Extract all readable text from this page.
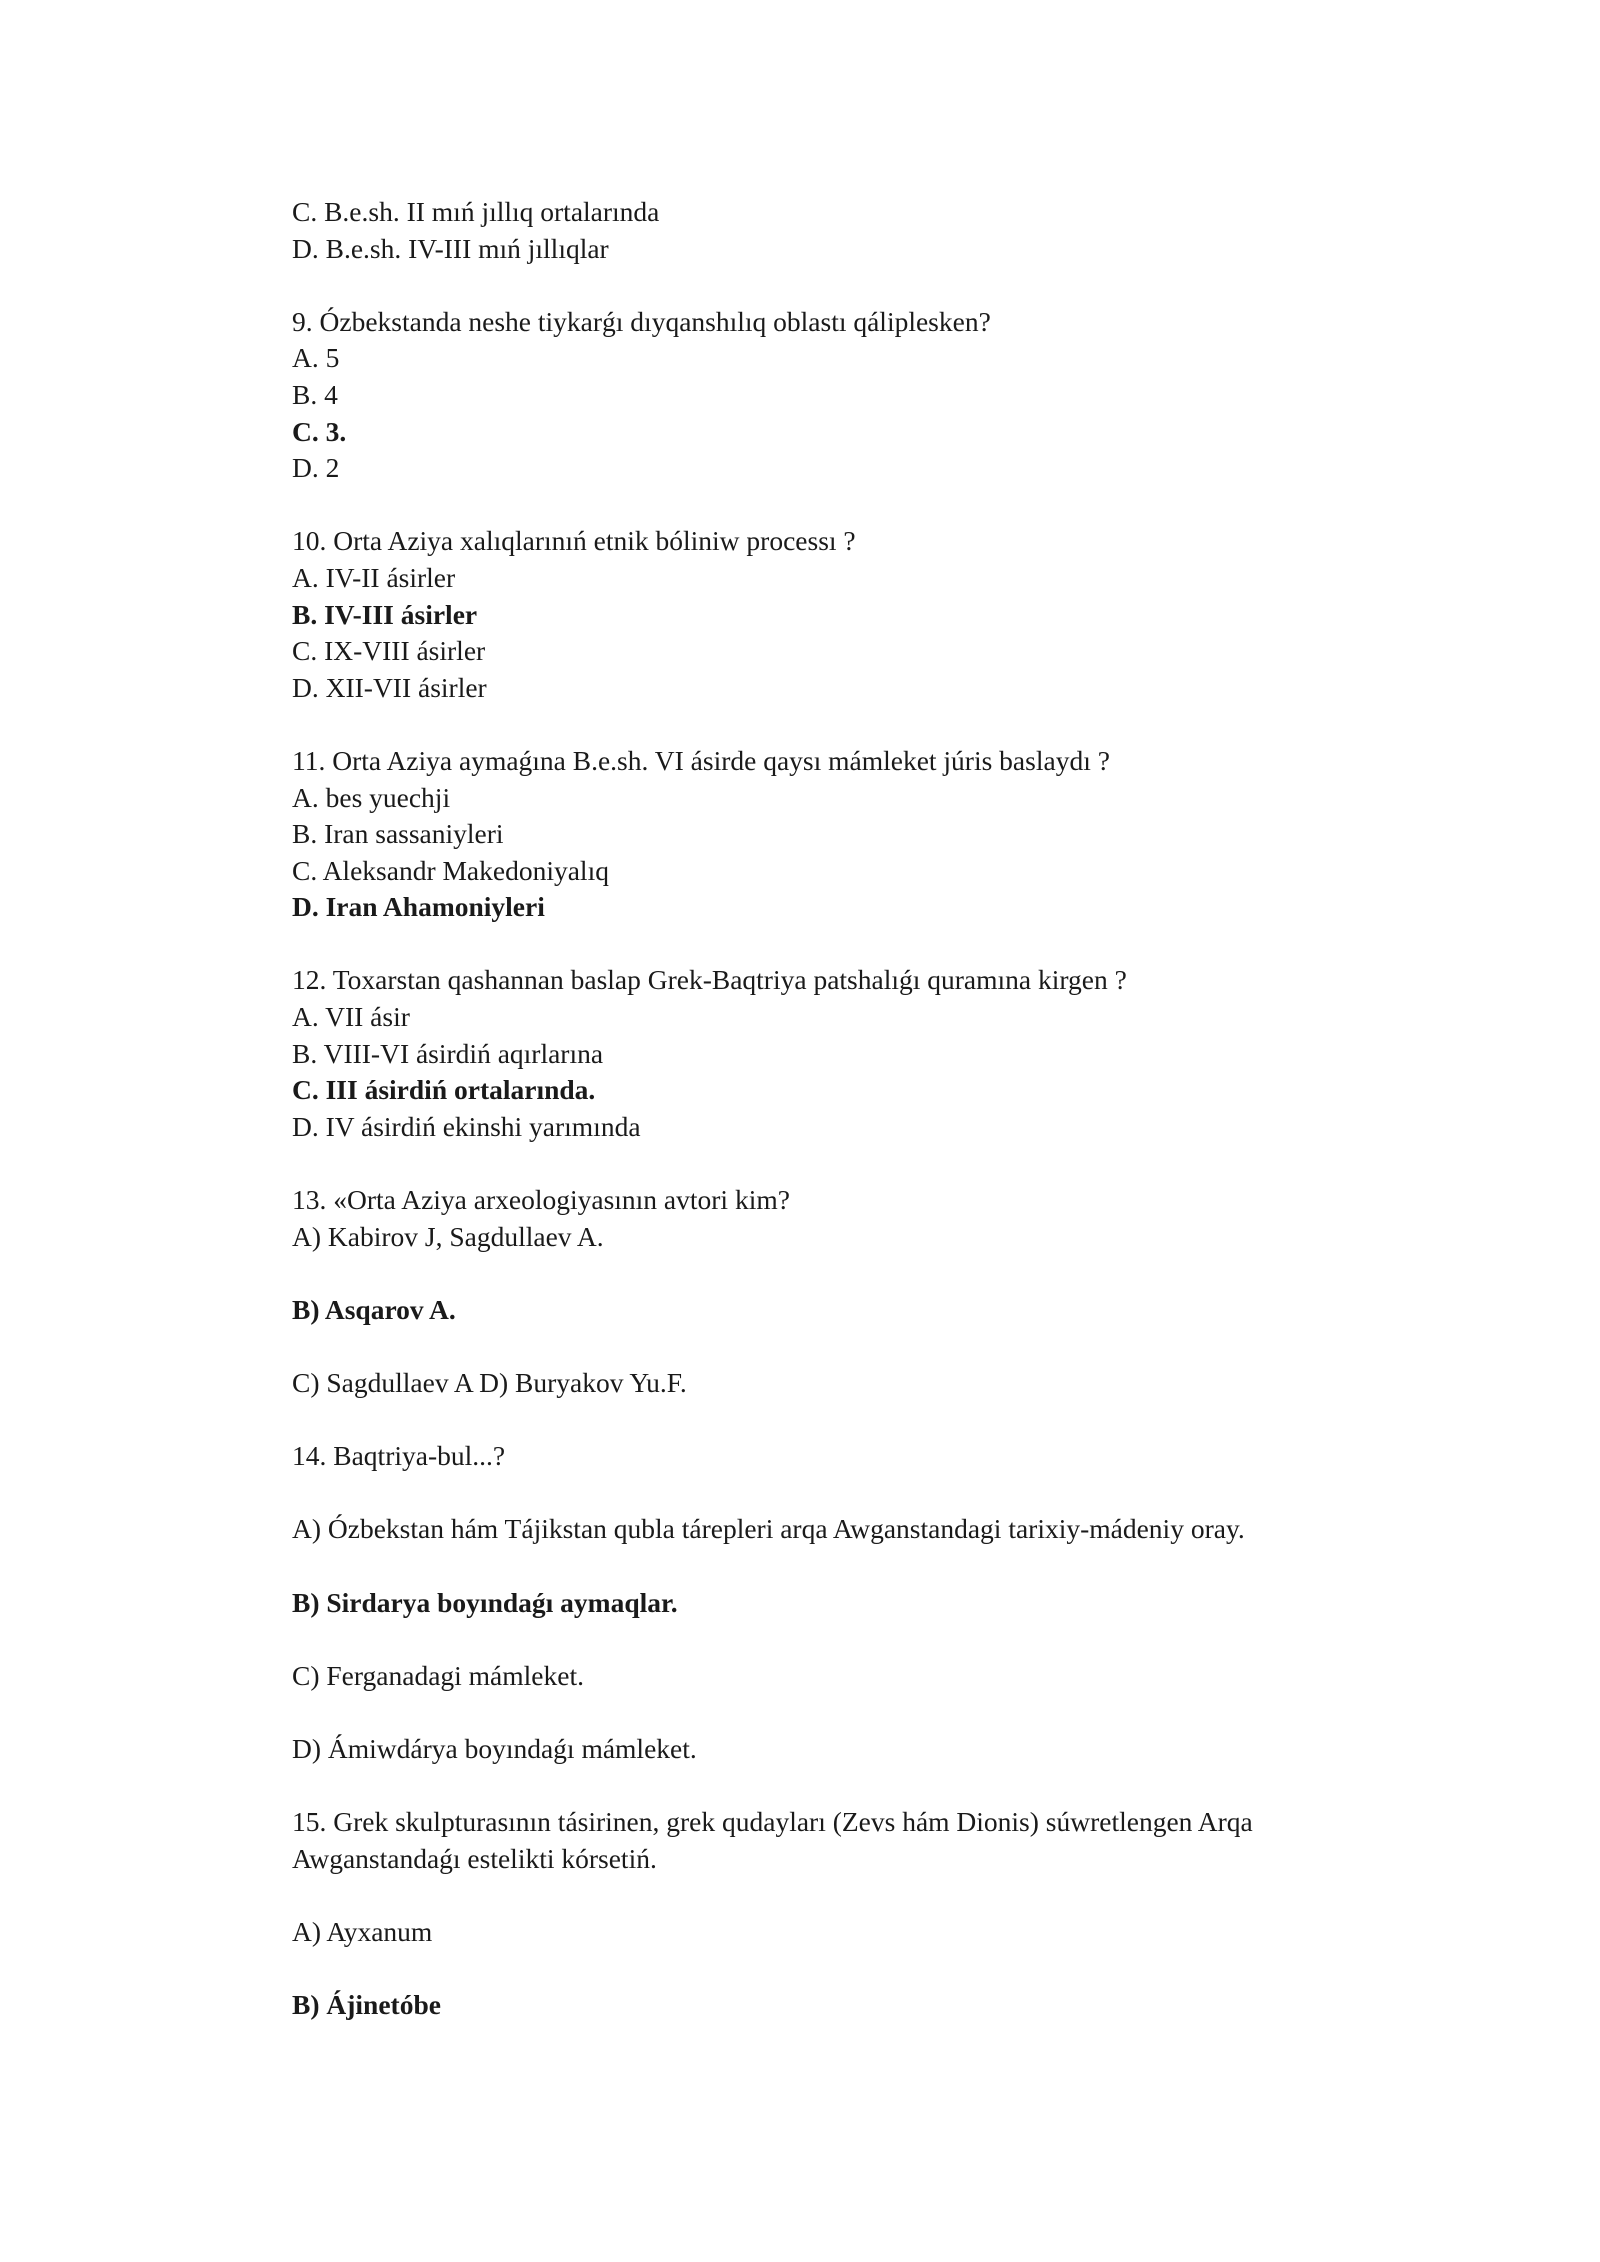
C. B.e.sh. II mıń jıllıq ortalarında
D. B.e.sh. IV-III mıń jıllıqlar
9. Ózbekstanda neshe tiykarǵı dıyqanshılıq oblastı qáliplesken?
A. 5
B. 4
C. 3.
D. 2
10. Orta Aziya xalıqlarınıń etnik bóliniw processı ?
A. IV-II ásirler
B. IV-III ásirler
C. IX-VIII ásirler
D. XII-VII ásirler
11. Orta Aziya aymaǵına B.e.sh. VI ásirde qaysı mámleket júris baslaydı ?
A. bes yuechji
B. Iran sassaniyleri
C. Aleksandr Makedoniyalıq
D. Iran Ahamoniyleri
12. Toxarstan qashannan baslap Grek-Baqtriya patshalıǵı quramına kirgen ?
A. VII ásir
B. VIII-VI ásirdiń aqırlarına
C. III ásirdiń ortalarında.
D. IV ásirdiń ekinshi yarımında
13. «Orta Aziya arxeologiyasının avtori kim?
A) Kabirov J, Sagdullaev A.
B) Asqarov A.
C) Sagdullaev A D) Buryakov Yu.F.
14. Baqtriya-bul...?
A) Ózbekstan hám Tájikstan qubla tárepleri arqa Awganstandagi tarixiy-mádeniy oray.
B) Sirdarya boyındaǵı aymaqlar.
C) Ferganadagi mámleket.
D) Ámiwdárya boyındaǵı mámleket.
15. Grek skulpturasının tásirinen, grek qudayları (Zevs hám Dionis) súwretlengen Arqa Awganstandaǵı estelikti kórsetiń.
A) Ayxanum
B) Ájinetóbe
